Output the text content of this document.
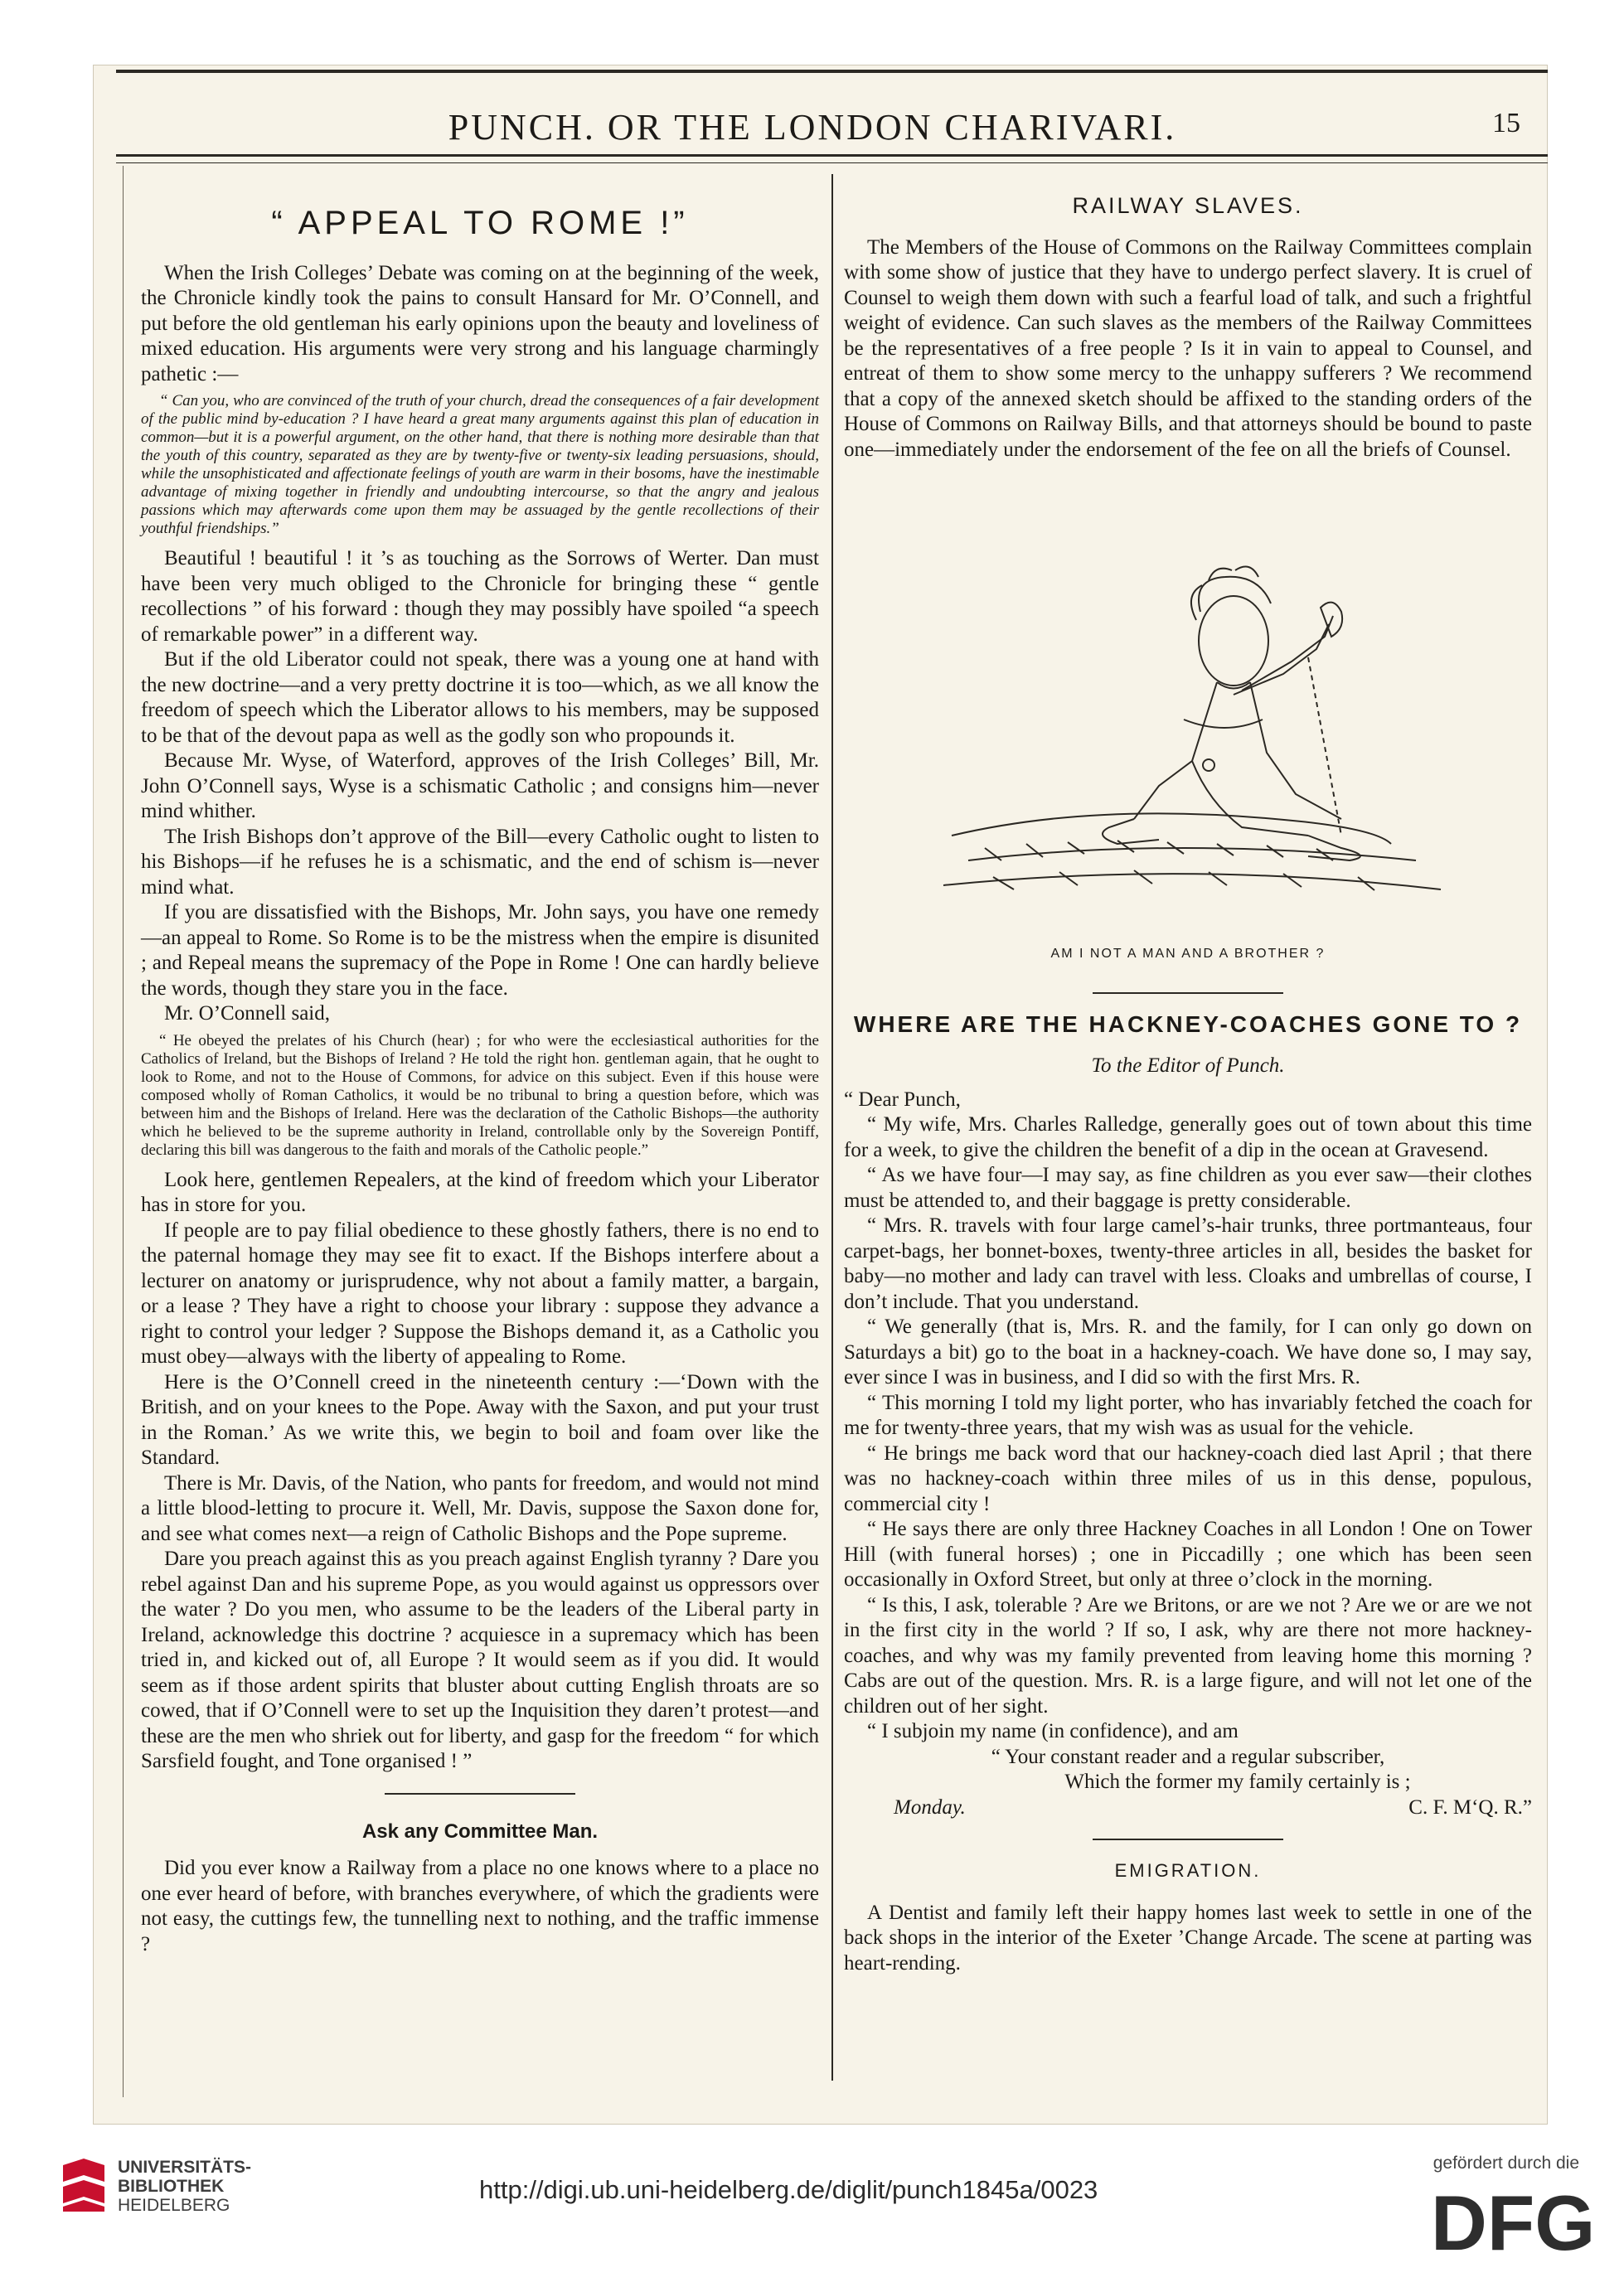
PUNCH. OR THE LONDON CHARIVARI.	15
“ APPEAL TO ROME !”

When the Irish Colleges’ Debate was coming on at the beginning of the week, the Chronicle kindly took the pains to consult Hansard for Mr. O’Connell, and put before the old gentleman his early opinions upon the beauty and loveliness of mixed education. His arguments were very strong and his language charmingly pathetic :—

“ Can you, who are convinced of the truth of your church, dread the consequences of a fair development of the public mind by-education ? I have heard a great many arguments against this plan of education in common—but it is a powerful argument, on the other hand, that there is nothing more desirable than that the youth of this country, separated as they are by twenty-five or twenty-six leading persuasions, should, while the unsophisticated and affectionate feelings of youth are warm in their bosoms, have the inestimable advantage of mixing together in friendly and undoubting intercourse, so that the angry and jealous passions which may afterwards come upon them may be assuaged by the gentle recollections of their youthful friendships.”

Beautiful ! beautiful ! it ’s as touching as the Sorrows of Werter. Dan must have been very much obliged to the Chronicle for bringing these “ gentle recollections ” of his forward : though they may possibly have spoiled “a speech of remarkable power” in a different way.

But if the old Liberator could not speak, there was a young one at hand with the new doctrine—and a very pretty doctrine it is too—which, as we all know the freedom of speech which the Liberator allows to his members, may be supposed to be that of the devout papa as well as the godly son who propounds it.

Because Mr. Wyse, of Waterford, approves of the Irish Colleges’ Bill, Mr. John O’Connell says, Wyse is a schismatic Catholic ; and consigns him—never mind whither.

The Irish Bishops don’t approve of the Bill—every Catholic ought to listen to his Bishops—if he refuses he is a schismatic, and the end of schism is—never mind what.

If you are dissatisfied with the Bishops, Mr. John says, you have one remedy—an appeal to Rome. So Rome is to be the mistress when the empire is disunited ; and Repeal means the supremacy of the Pope in Rome ! One can hardly believe the words, though they stare you in the face.

Mr. O’Connell said,

“ He obeyed the prelates of his Church (hear) ; for who were the ecclesiastical authorities for the Catholics of Ireland, but the Bishops of Ireland ? He told the right hon. gentleman again, that he ought to look to Rome, and not to the House of Commons, for advice on this subject. Even if this house were composed wholly of Roman Catholics, it would be no tribunal to bring a question before, which was between him and the Bishops of Ireland. Here was the declaration of the Catholic Bishops—the authority which he believed to be the supreme authority in Ireland, controllable only by the Sovereign Pontiff, declaring this bill was dangerous to the faith and morals of the Catholic people.”

Look here, gentlemen Repealers, at the kind of freedom which your Liberator has in store for you.

If people are to pay filial obedience to these ghostly fathers, there is no end to the paternal homage they may see fit to exact. If the Bishops interfere about a lecturer on anatomy or jurisprudence, why not about a family matter, a bargain, or a lease ? They have a right to choose your library : suppose they advance a right to control your ledger ? Suppose the Bishops demand it, as a Catholic you must obey—always with the liberty of appealing to Rome.

Here is the O’Connell creed in the nineteenth century :—‘Down with the British, and on your knees to the Pope. Away with the Saxon, and put your trust in the Roman.’ As we write this, we begin to boil and foam over like the Standard.

There is Mr. Davis, of the Nation, who pants for freedom, and would not mind a little blood-letting to procure it. Well, Mr. Davis, suppose the Saxon done for, and see what comes next—a reign of Catholic Bishops and the Pope supreme.

Dare you preach against this as you preach against English tyranny ? Dare you rebel against Dan and his supreme Pope, as you would against us oppressors over the water ? Do you men, who assume to be the leaders of the Liberal party in Ireland, acknowledge this doctrine ? acquiesce in a supremacy which has been tried in, and kicked out of, all Europe ? It would seem as if you did. It would seem as if those ardent spirits that bluster about cutting English throats are so cowed, that if O’Connell were to set up the Inquisition they daren’t protest—and these are the men who shriek out for liberty, and gasp for the freedom “ for which Sarsfield fought, and Tone organised ! ”

Ask any Committee Man.

Did you ever know a Railway from a place no one knows where to a place no one ever heard of before, with branches everywhere, of which the gradients were not easy, the cuttings few, the tunnelling next to nothing, and the traffic immense ?

RAILWAY SLAVES.

The Members of the House of Commons on the Railway Committees complain with some show of justice that they have to undergo perfect slavery. It is cruel of Counsel to weigh them down with such a fearful load of talk, and such a frightful weight of evidence. Can such slaves as the members of the Railway Committees be the representatives of a free people ? Is it in vain to appeal to Counsel, and entreat of them to show some mercy to the unhappy sufferers ? We recommend that a copy of the annexed sketch should be affixed to the standing orders of the House of Commons on Railway Bills, and that attorneys should be bound to paste one—immediately under the endorsement of the fee on all the briefs of Counsel.

AM I NOT A MAN AND A BROTHER ?
WHERE ARE THE HACKNEY-COACHES GONE TO ?
To the Editor of Punch.

“ Dear Punch,

“ My wife, Mrs. Charles Ralledge, generally goes out of town about this time for a week, to give the children the benefit of a dip in the ocean at Gravesend.

“ As we have four—I may say, as fine children as you ever saw—their clothes must be attended to, and their baggage is pretty considerable.

“ Mrs. R. travels with four large camel’s-hair trunks, three portmanteaus, four carpet-bags, her bonnet-boxes, twenty-three articles in all, besides the basket for baby—no mother and lady can travel with less. Cloaks and umbrellas of course, I don’t include. That you understand.

“ We generally (that is, Mrs. R. and the family, for I can only go down on Saturdays a bit) go to the boat in a hackney-coach. We have done so, I may say, ever since I was in business, and I did so with the first Mrs. R.

“ This morning I told my light porter, who has invariably fetched the coach for me for twenty-three years, that my wish was as usual for the vehicle.

“ He brings me back word that our hackney-coach died last April ; that there was no hackney-coach within three miles of us in this dense, populous, commercial city !

“ He says there are only three Hackney Coaches in all London ! One on Tower Hill (with funeral horses) ; one in Piccadilly ; one which has been seen occasionally in Oxford Street, but only at three o’clock in the morning.

“ Is this, I ask, tolerable ? Are we Britons, or are we not ? Are we or are we not in the first city in the world ? If so, I ask, why are there not more hackney-coaches, and why was my family prevented from leaving home this morning ? Cabs are out of the question. Mrs. R. is a large figure, and will not let one of the children out of her sight.

“ I subjoin my name (in confidence), and am

“ Your constant reader and a regular subscriber,
Which the former my family certainly is ;
Monday.	C. F. M‘Q. R.”
EMIGRATION.

A Dentist and family left their happy homes last week to settle in one of the back shops in the interior of the Exeter ’Change Arcade. The scene at parting was heart-rending.

UNIVERSITÄTS-
BIBLIOTHEK
HEIDELBERG
http://digi.ub.uni-heidelberg.de/diglit/punch1845a/0023
gefördert durch die
DFG
